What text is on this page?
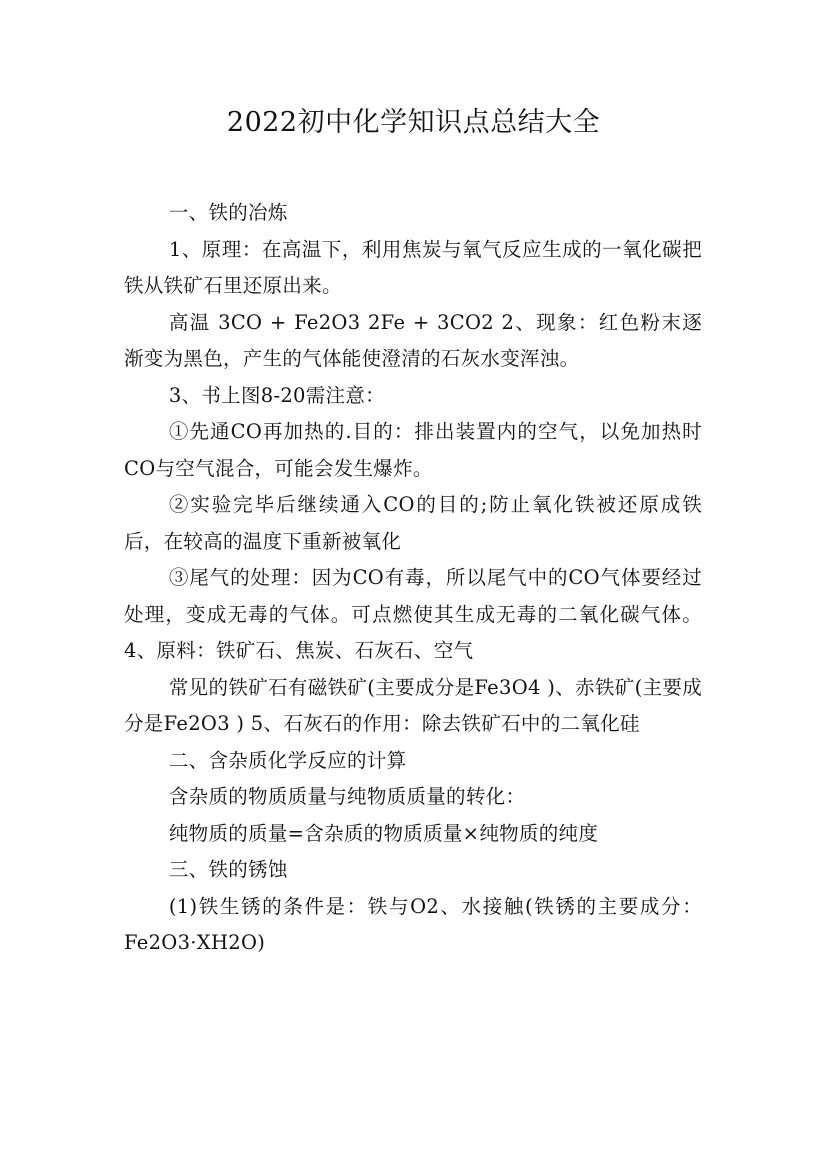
2022初中化学知识点总结大全

一、铁的冶炼

1、原理：在高温下，利用焦炭与氧气反应生成的一氧化碳把铁从铁矿石里还原出来。

高温 3CO + Fe2O3 2Fe + 3CO2 2、现象：红色粉末逐渐变为黑色，产生的气体能使澄清的石灰水变浑浊。

3、书上图8-20需注意：

①先通CO再加热的.目的：排出装置内的空气，以免加热时CO与空气混合，可能会发生爆炸。

②实验完毕后继续通入CO的目的;防止氧化铁被还原成铁后，在较高的温度下重新被氧化

③尾气的处理：因为CO有毒，所以尾气中的CO气体要经过处理，变成无毒的气体。可点燃使其生成无毒的二氧化碳气体。 4、原料：铁矿石、焦炭、石灰石、空气

常见的铁矿石有磁铁矿(主要成分是Fe3O4 )、赤铁矿(主要成分是Fe2O3 ) 5、石灰石的作用：除去铁矿石中的二氧化硅

二、含杂质化学反应的计算

含杂质的物质质量与纯物质质量的转化：

纯物质的质量=含杂质的物质质量×纯物质的纯度

三、铁的锈蚀

(1)铁生锈的条件是：铁与O2、水接触(铁锈的主要成分：Fe2O3·XH2O)
